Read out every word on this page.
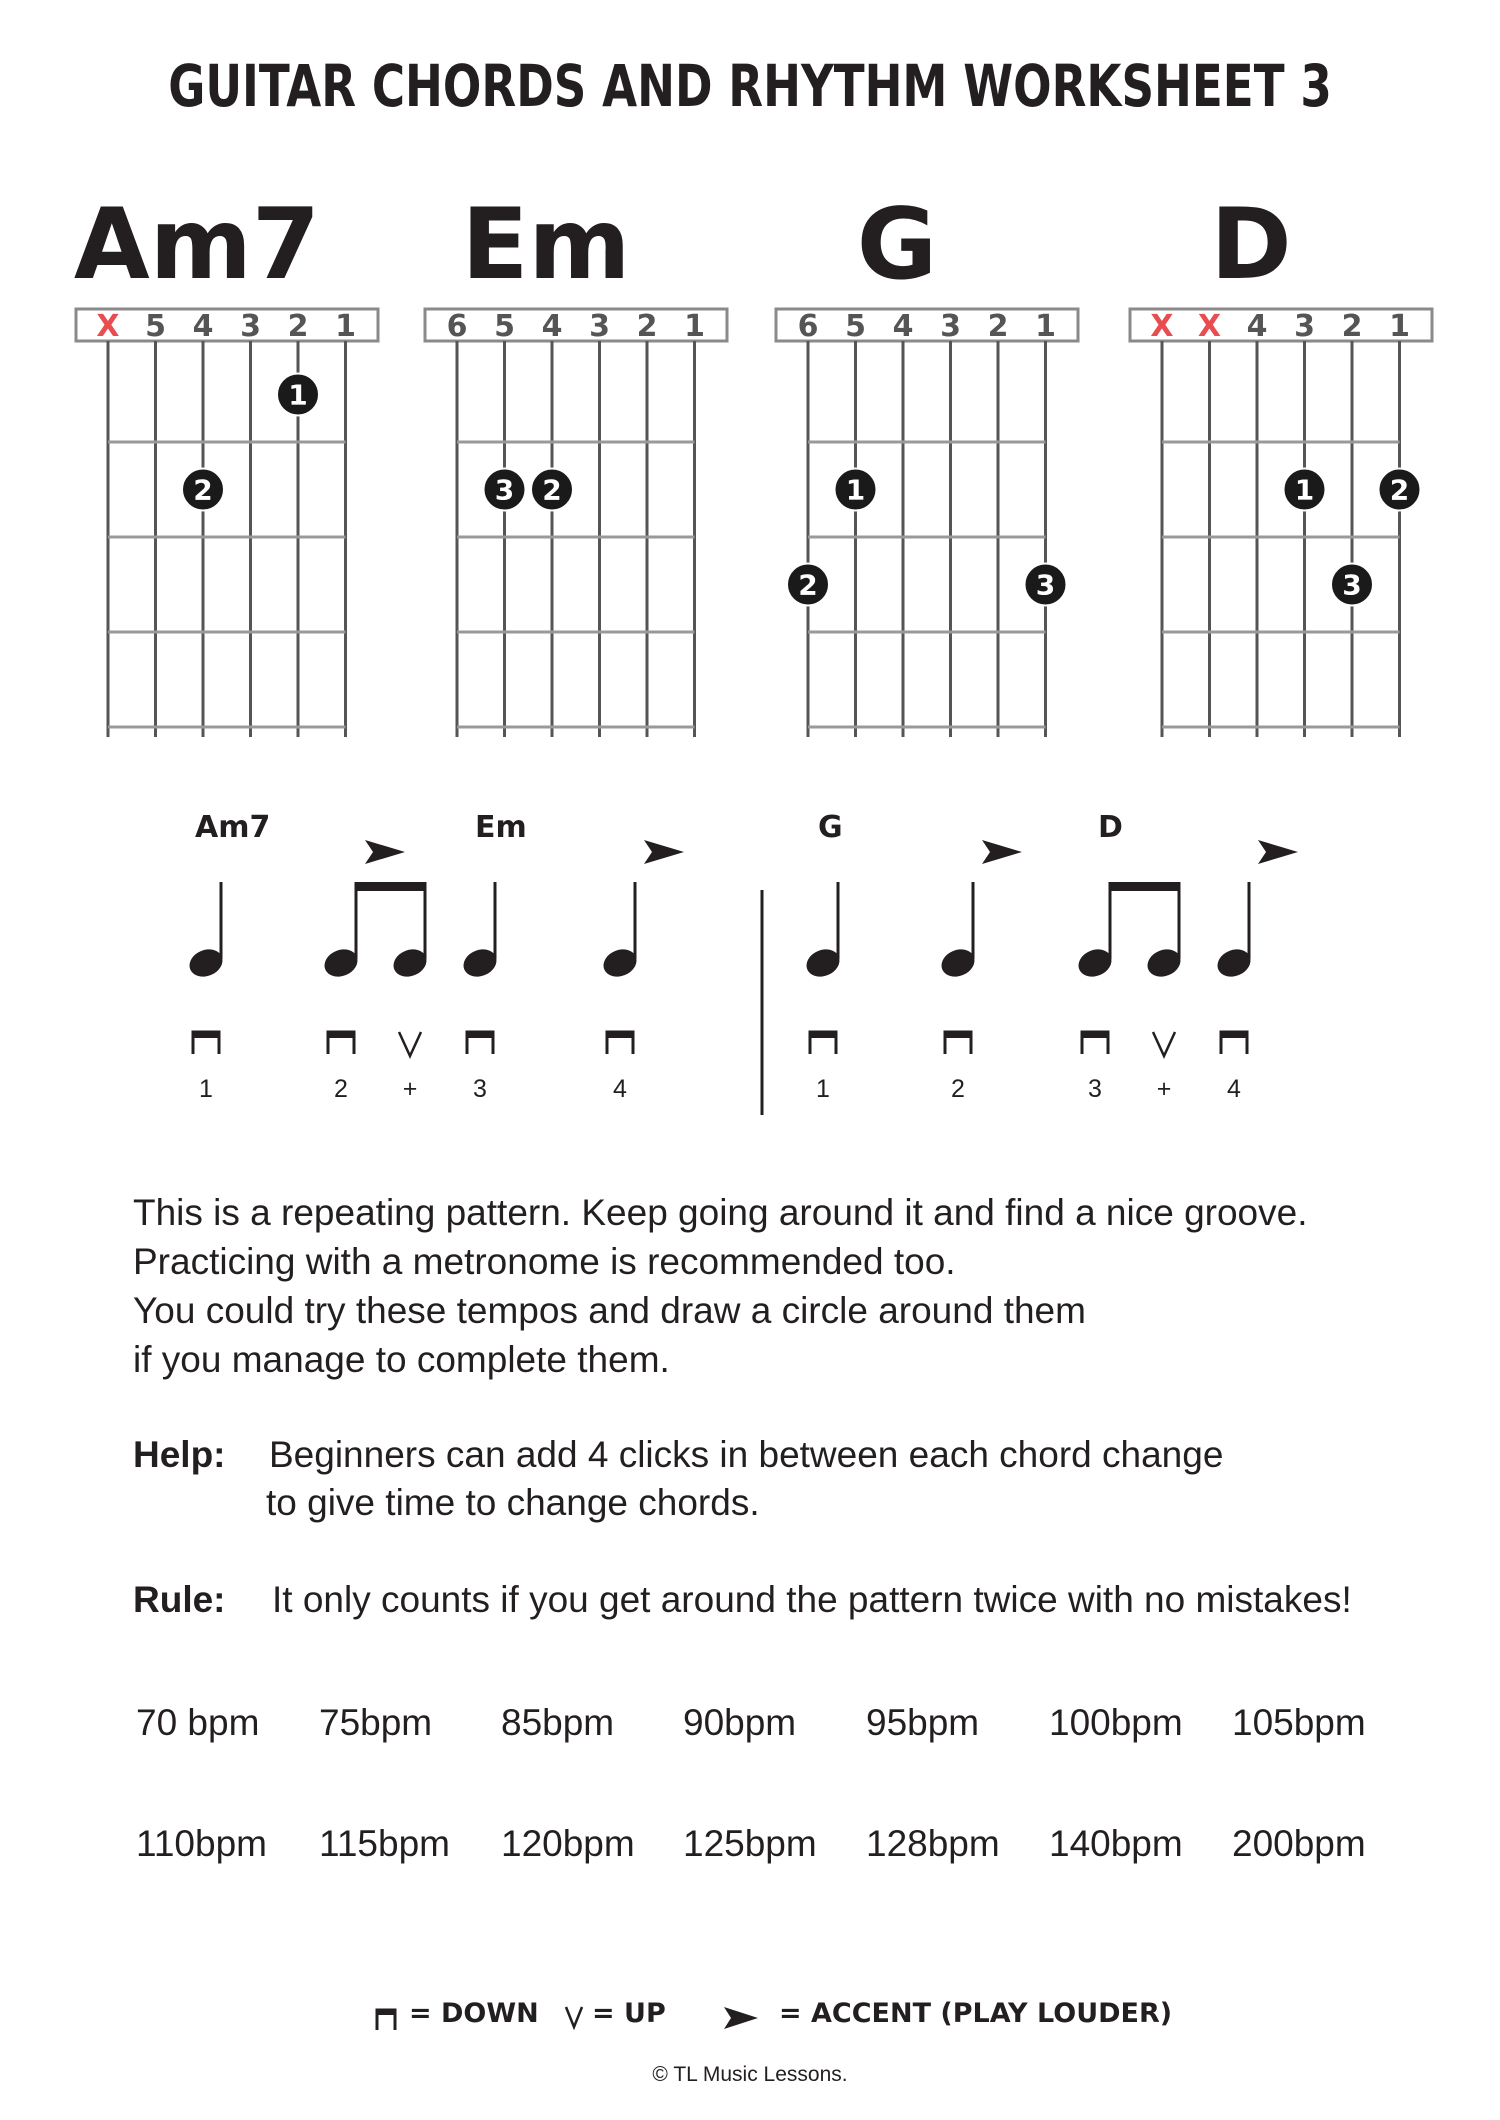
GUITAR CHORDS AND RHYTHM WORKSHEET 3
Am7
X 5 4 3 2 1
1
2
Em
6 5 4 3 2 1
2
3
G
6 5 4 3 2 1
1
2	3
D
X X 4 3 2 1
1	2
3
Am7	Em	G	D
1	2 + 3	4	1	2	3 + 4

This is a repeating pattern. Keep going around it and find a nice groove.

Practicing with a metronome is recommended too.

You could try these tempos and draw a circle around them

if you manage to complete them.

Help: Beginners can add 4 clicks in between each chord change
to give time to change chords.
Rule: It only counts if you get around the pattern twice with no mistakes!
70 bpm 75bpm 85bpm 90bpm 95bpm 100bpm 105bpm
110bpm 115bpm 120bpm 125bpm 128bpm 140bpm 200bpm
= DOWN = UP	= ACCENT (PLAY LOUDER)
© TL Music Lessons.
